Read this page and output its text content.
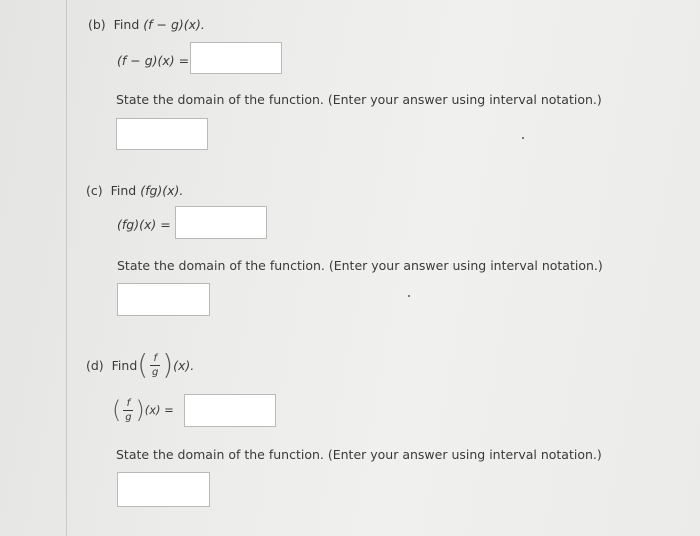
(b) Find (f − g)(x).
(f − g)(x) =
State the domain of the function. (Enter your answer using interval notation.)
(c) Find (fg)(x).
(fg)(x) =
State the domain of the function. (Enter your answer using interval notation.)
(d)
Find ( $\frac{f}{g}$ ) (x).
( $\frac{f}{g}$ ) (x) =
State the domain of the function. (Enter your answer using interval notation.)
